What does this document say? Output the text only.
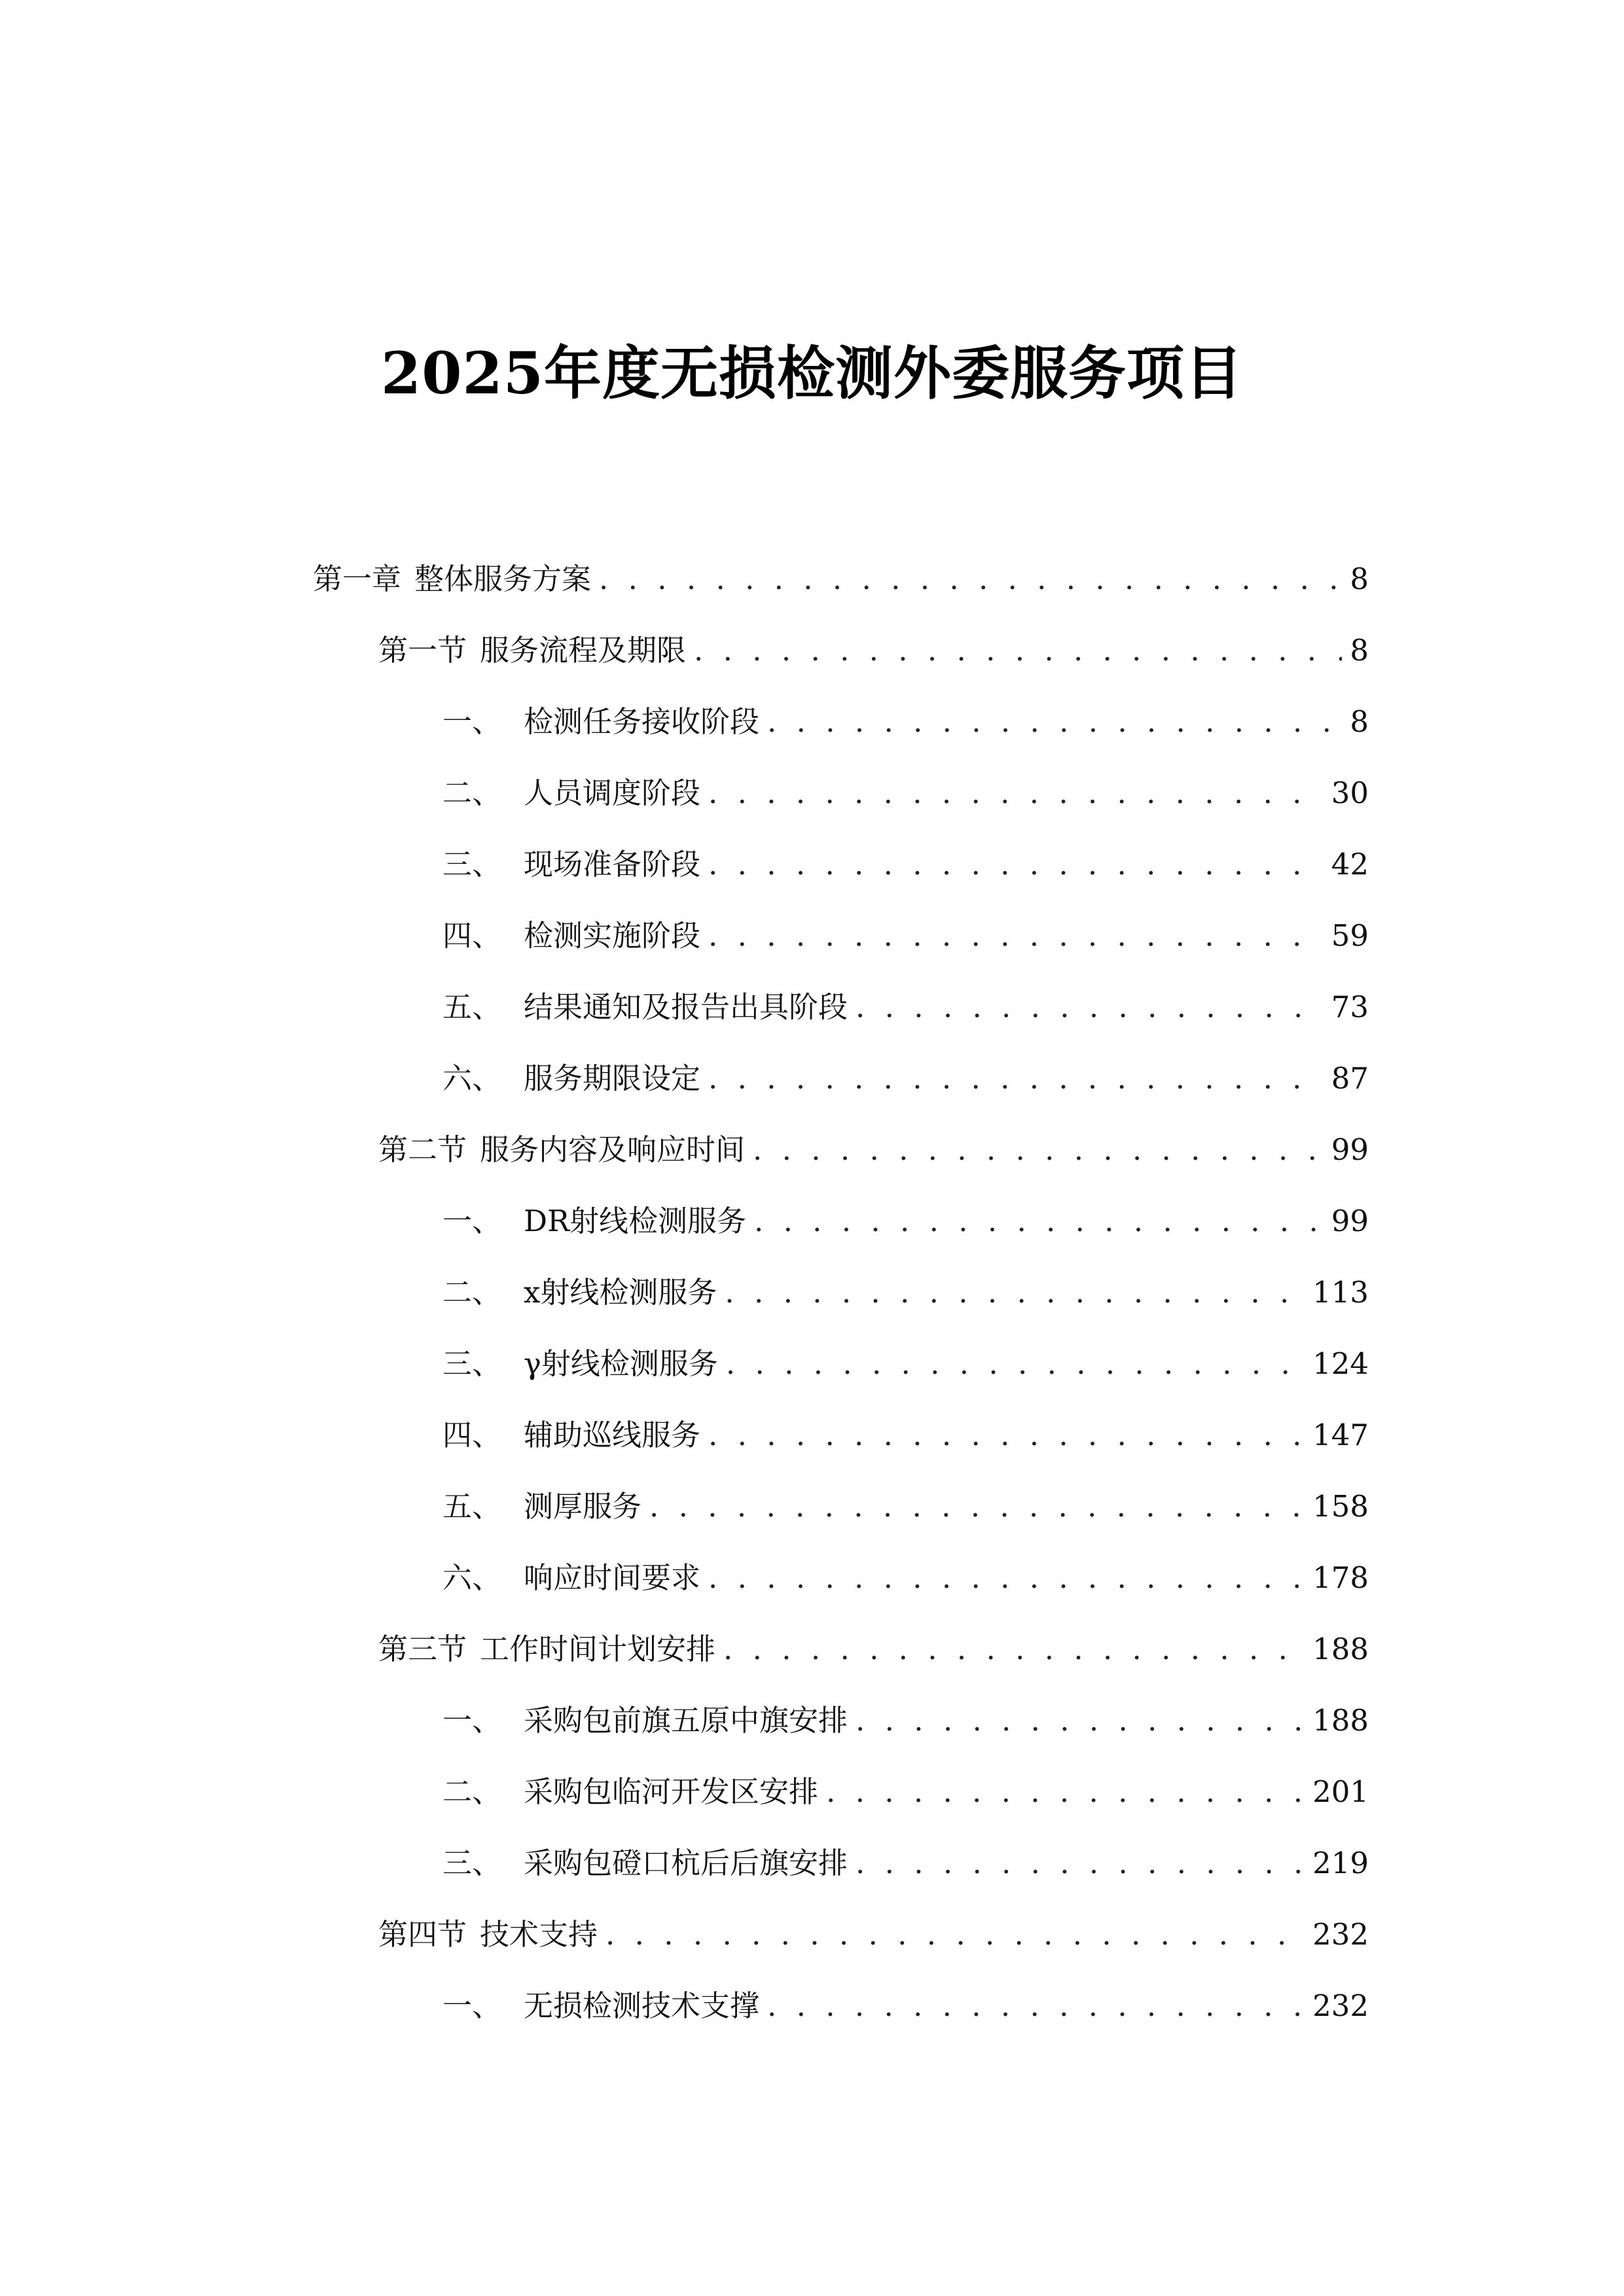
2025年度无损检测外委服务项目
第一章 整体服务方案 . . .	8
第一节 服务流程及期限 . . .	8
一、 检测任务接收阶段 . . .	8
二、 人员调度阶段 . . .	30
三、 现场准备阶段 . . .	42
四、 检测实施阶段 . . .	59
五、 结果通知及报告出具阶段 . . .	73
六、 服务期限设定 . . .	87
第二节 服务内容及响应时间 . . .	99
一、 DR射线检测服务 . . .	99
二、 x射线检测服务 . . .	113
三、 γ射线检测服务 . . .	124
四、 辅助巡线服务 . . .	147
五、 测厚服务 . . .	158
六、 响应时间要求 . . .	178
第三节 工作时间计划安排 . . .	188
一、 采购包前旗五原中旗安排 . . .	188
二、 采购包临河开发区安排 . . .	201
三、 采购包磴口杭后后旗安排 . . .	219
第四节 技术支持 . . .	232
一、 无损检测技术支撑 . . .	232
